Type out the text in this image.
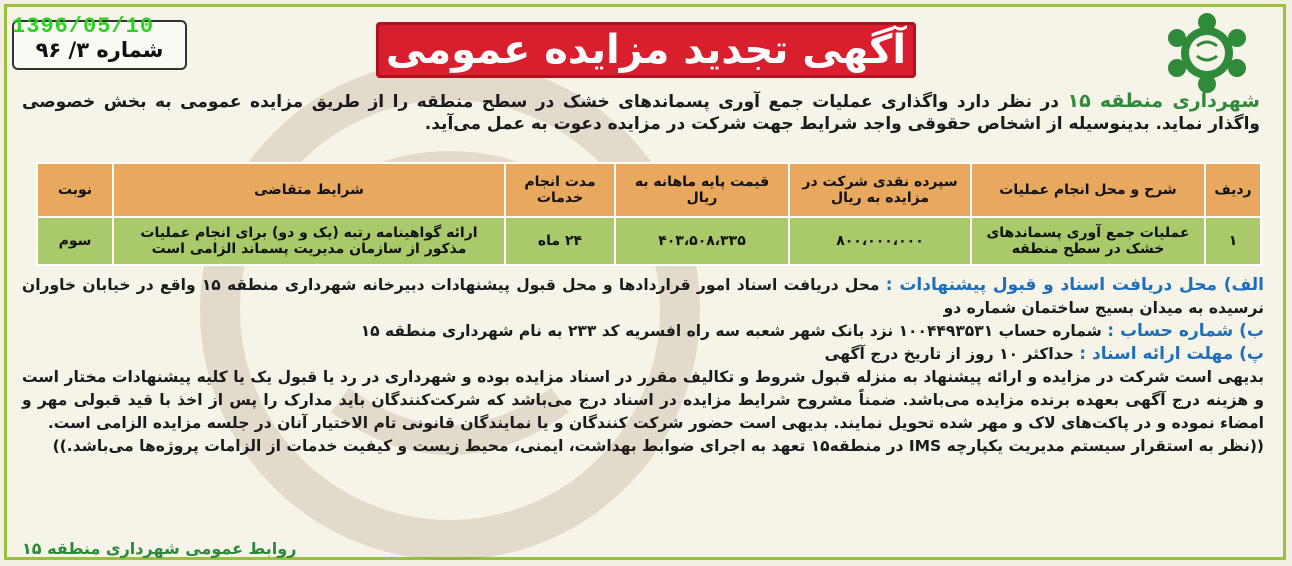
شماره ۳/ ۹۶
1396/05/10
آگهی تجدید مزایده عمومی
شهرداری منطقه ۱۵ در نظر دارد واگذاری عملیات جمع آوری پسماندهای خشک در سطح منطقه را از طریق مزایده عمومی به بخش خصوصی واگذار نماید. بدینوسیله از اشخاص حقوقی واجد شرایط جهت شرکت در مزایده دعوت به عمل می‌آید.
ردیف	شرح و محل انجام عملیات	سپرده نقدی شرکت در مزایده به ریال	قیمت پایه ماهانه به ریال	مدت انجام خدمات	شرایط متقاضی	نوبت
۱	عملیات جمع آوری پسماندهای خشک در سطح منطقه	۸۰۰،۰۰۰،۰۰۰	۴۰۳،۵۰۸،۳۳۵	۲۴ ماه	ارائه گواهینامه رتبه (یک و دو) برای انجام عملیات مذکور از سازمان مدیریت پسماند الزامی است	سوم

الف) محل دریافت اسناد و قبول پیشنهادات : محل دریافت اسناد امور قراردادها و محل قبول پیشنهادات دبیرخانه شهرداری منطقه ۱۵ واقع در خیابان خاوران نرسیده به میدان بسیج ساختمان شماره دو

ب) شماره حساب : شماره حساب ۱۰۰۴۴۹۳۵۳۱ نزد بانک شهر شعبه سه راه افسریه کد ۲۳۳ به نام شهرداری منطقه ۱۵

پ) مهلت ارائه اسناد : حداکثر ۱۰ روز از تاریخ درج آگهی

بدیهی است شرکت در مزایده و ارائه پیشنهاد به منزله قبول شروط و تکالیف مقرر در اسناد مزایده بوده و شهرداری در رد یا قبول یک یا کلیه پیشنهادات مختار است و هزینه درج آگهی بعهده برنده مزایده می‌باشد. ضمناً مشروح شرایط مزایده در اسناد درج می‌باشد که شرکت‌کنندگان باید مدارک را پس از اخذ با قید قبولی مهر و امضاء نموده و در پاکت‌های لاک و مهر شده تحویل نمایند. بدیهی است حضور شرکت کنندگان و یا نمایندگان قانونی تام الاختیار آنان در جلسه مزایده الزامی است.

((نظر به استقرار سیستم مدیریت یکپارچه IMS در منطقه۱۵ تعهد به اجرای ضوابط بهداشت، ایمنی، محیط زیست و کیفیت خدمات از الزامات پروژه‌ها می‌باشد.))

روابط عمومی شهرداری منطقه ۱۵
